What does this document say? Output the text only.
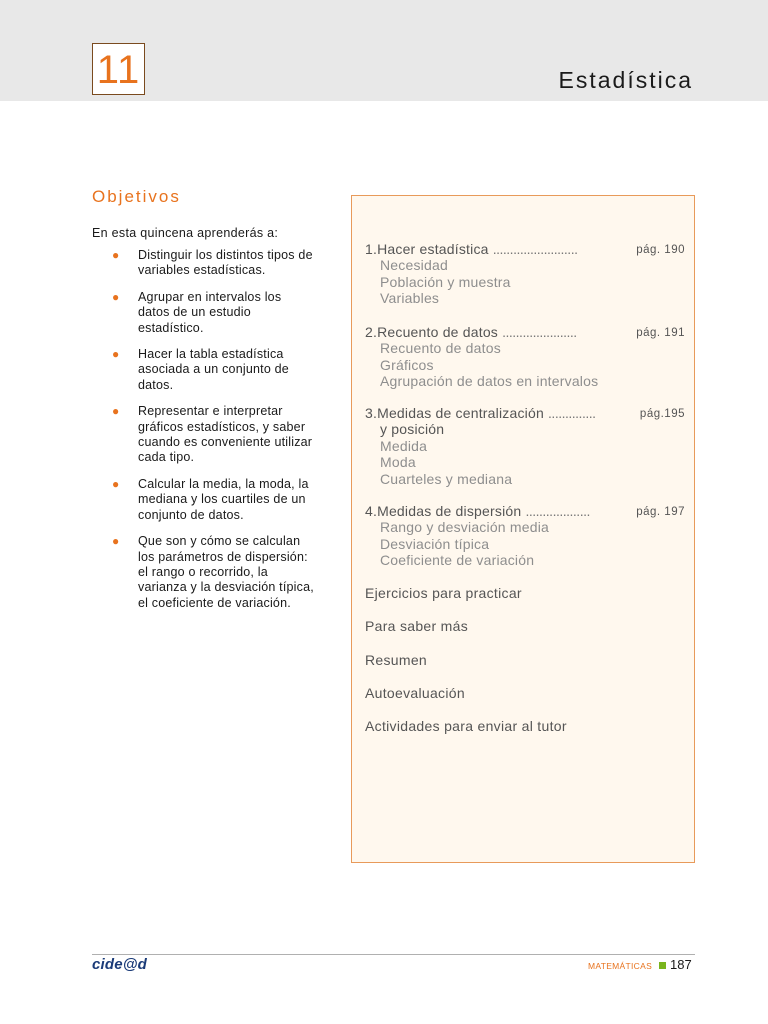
11	Estadística
Objetivos
En esta quincena aprenderás a:
● Distinguir los distintos tipos de
variables estadísticas.
● Agrupar en intervalos los
datos de un estudio
estadístico.
● Hacer la tabla estadística
asociada a un conjunto de
datos.
● Representar e interpretar
gráficos estadísticos, y saber
cuando es conveniente utilizar
cada tipo.
● Calcular la media, la moda, la
mediana y los cuartiles de un
conjunto de datos.
● Que son y cómo se calculan
los parámetros de dispersión:
el rango o recorrido, la
varianza y la desviación típica,
el coeficiente de variación.
1.Hacer estadística .........................	pág. 190
Necesidad
Población y muestra
Variables
2.Recuento de datos ......................	pág. 191
Recuento de datos
Gráficos
Agrupación de datos en intervalos
3.Medidas de centralización ..............	pág.195
y posición
Medida
Moda
Cuarteles y mediana
4.Medidas de dispersión ...................	pág. 197
Rango y desviación media
Desviación típica
Coeficiente de variación
Ejercicios para practicar
Para saber más
Resumen
Autoevaluación
Actividades para enviar al tutor
cide@d	MATEMÁTICAS 187
